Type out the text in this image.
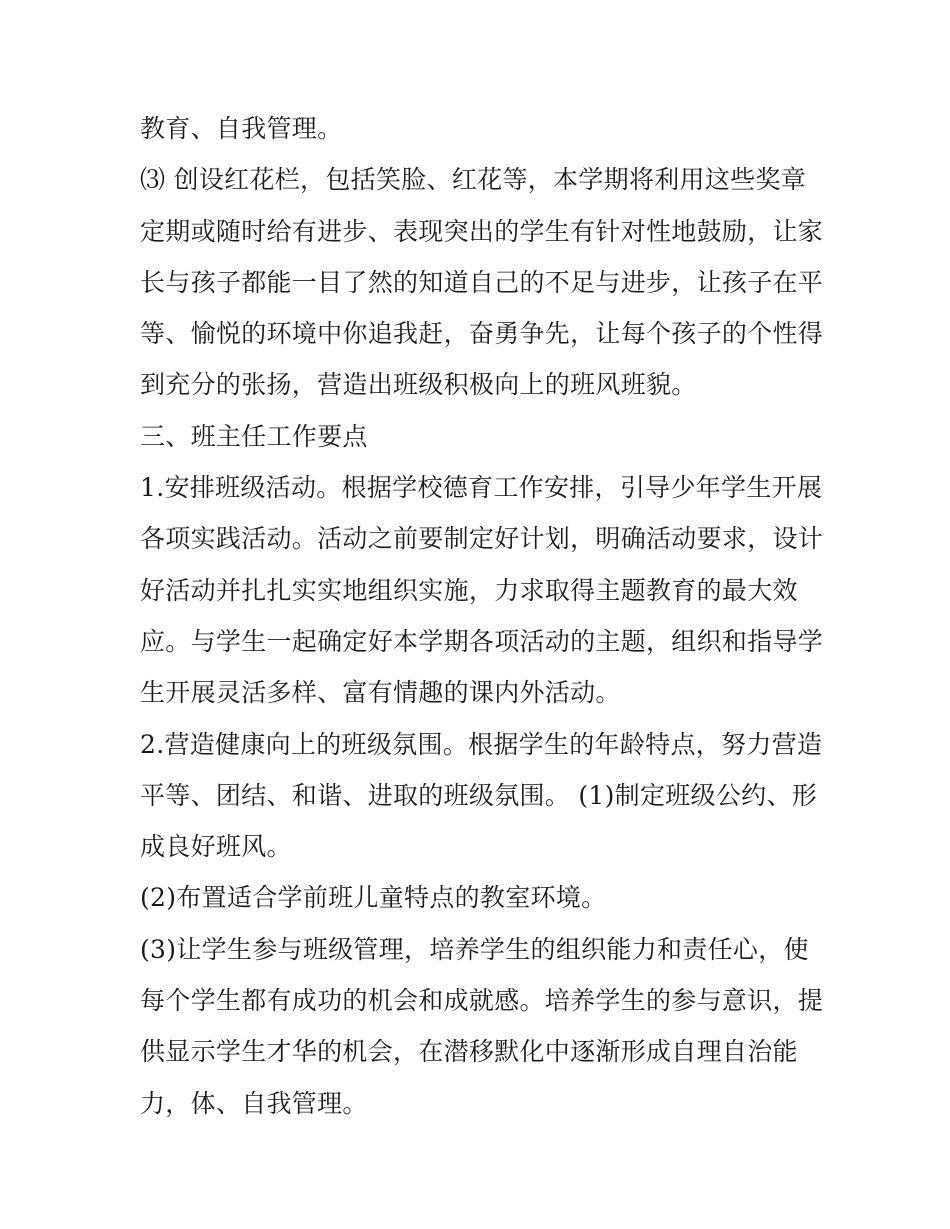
教育、自我管理。
⑶ 创设红花栏，包括笑脸、红花等，本学期将利用这些奖章
定期或随时给有进步、表现突出的学生有针对性地鼓励，让家
长与孩子都能一目了然的知道自己的不足与进步，让孩子在平
等、愉悦的环境中你追我赶，奋勇争先，让每个孩子的个性得
到充分的张扬，营造出班级积极向上的班风班貌。
三、班主任工作要点
1.安排班级活动。根据学校德育工作安排，引导少年学生开展
各项实践活动。活动之前要制定好计划，明确活动要求，设计
好活动并扎扎实实地组织实施，力求取得主题教育的最大效
应。与学生一起确定好本学期各项活动的主题，组织和指导学
生开展灵活多样、富有情趣的课内外活动。
2.营造健康向上的班级氛围。根据学生的年龄特点，努力营造
平等、团结、和谐、进取的班级氛围。 (1)制定班级公约、形
成良好班风。
(2)布置适合学前班儿童特点的教室环境。
(3)让学生参与班级管理，培养学生的组织能力和责任心，使
每个学生都有成功的机会和成就感。培养学生的参与意识，提
供显示学生才华的机会，在潜移默化中逐渐形成自理自治能
力，体、自我管理。
